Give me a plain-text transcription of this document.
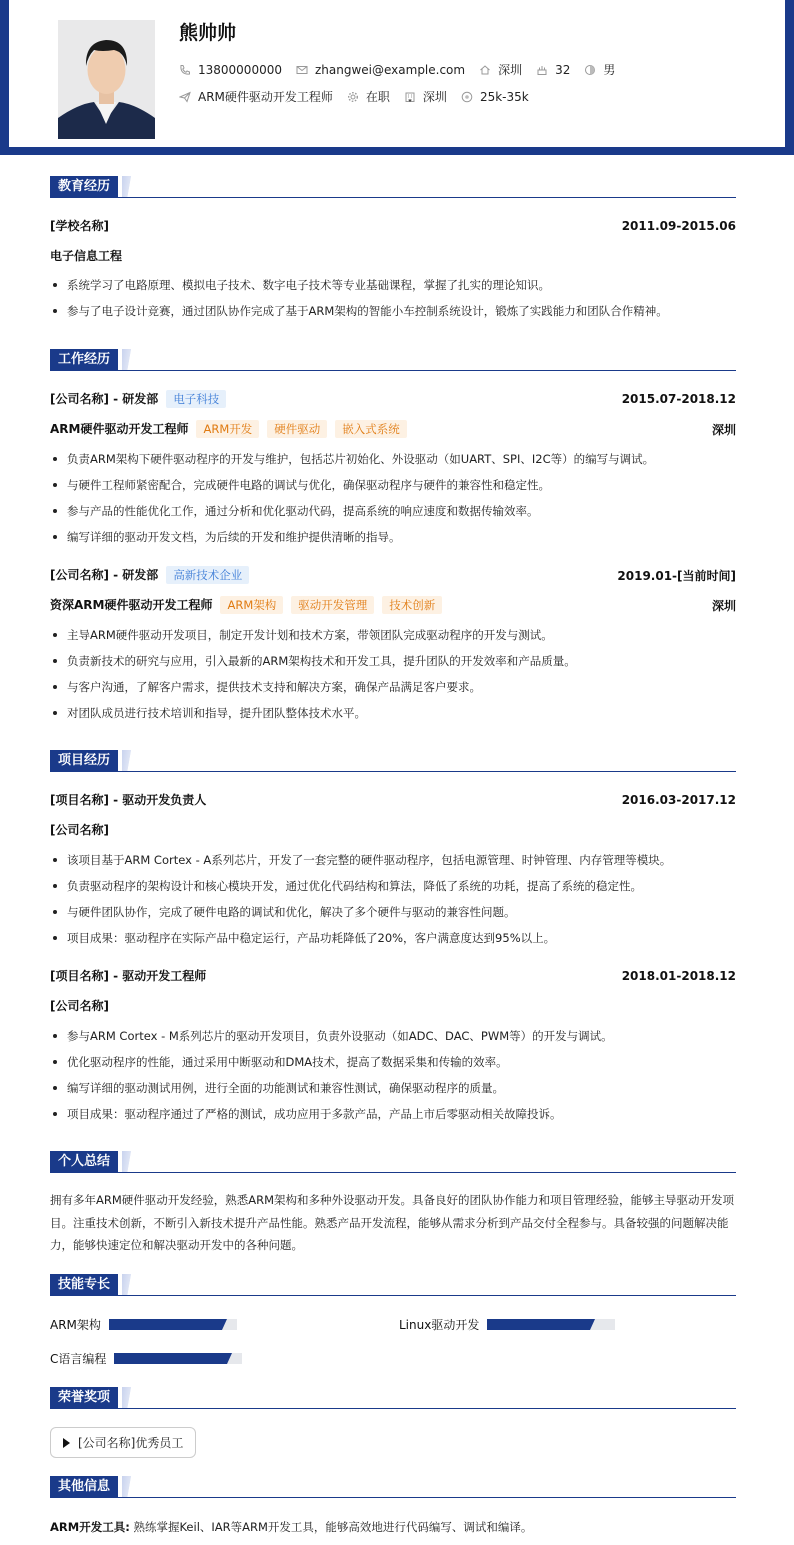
熊帅帅
13800000000	zhangwei@example.com	深圳	32	男
ARM硬件驱动开发工程师	在职	深圳	25k-35k
教育经历
[学校名称]	2011.09-2015.06
电子信息工程
系统学习了电路原理、模拟电子技术、数字电子技术等专业基础课程，掌握了扎实的理论知识。
参与了电子设计竞赛，通过团队协作完成了基于ARM架构的智能小车控制系统设计，锻炼了实践能力和团队合作精神。
工作经历
[公司名称] - 研发部 电子科技	2015.07-2018.12
ARM硬件驱动开发工程师 ARM开发 硬件驱动 嵌入式系统	深圳
负责ARM架构下硬件驱动程序的开发与维护，包括芯片初始化、外设驱动（如UART、SPI、I2C等）的编写与调试。
与硬件工程师紧密配合，完成硬件电路的调试与优化，确保驱动程序与硬件的兼容性和稳定性。
参与产品的性能优化工作，通过分析和优化驱动代码，提高系统的响应速度和数据传输效率。
编写详细的驱动开发文档，为后续的开发和维护提供清晰的指导。
[公司名称] - 研发部 高新技术企业	2019.01-[当前时间]
资深ARM硬件驱动开发工程师 ARM架构 驱动开发管理 技术创新	深圳
主导ARM硬件驱动开发项目，制定开发计划和技术方案，带领团队完成驱动程序的开发与测试。
负责新技术的研究与应用，引入最新的ARM架构技术和开发工具，提升团队的开发效率和产品质量。
与客户沟通，了解客户需求，提供技术支持和解决方案，确保产品满足客户要求。
对团队成员进行技术培训和指导，提升团队整体技术水平。
项目经历
[项目名称] - 驱动开发负责人	2016.03-2017.12
[公司名称]
该项目基于ARM Cortex - A系列芯片，开发了一套完整的硬件驱动程序，包括电源管理、时钟管理、内存管理等模块。
负责驱动程序的架构设计和核心模块开发，通过优化代码结构和算法，降低了系统的功耗，提高了系统的稳定性。
与硬件团队协作，完成了硬件电路的调试和优化，解决了多个硬件与驱动的兼容性问题。
项目成果：驱动程序在实际产品中稳定运行，产品功耗降低了20%，客户满意度达到95%以上。
[项目名称] - 驱动开发工程师	2018.01-2018.12
[公司名称]
参与ARM Cortex - M系列芯片的驱动开发项目，负责外设驱动（如ADC、DAC、PWM等）的开发与调试。
优化驱动程序的性能，通过采用中断驱动和DMA技术，提高了数据采集和传输的效率。
编写详细的驱动测试用例，进行全面的功能测试和兼容性测试，确保驱动程序的质量。
项目成果：驱动程序通过了严格的测试，成功应用于多款产品，产品上市后零驱动相关故障投诉。
个人总结
拥有多年ARM硬件驱动开发经验，熟悉ARM架构和多种外设驱动开发。具备良好的团队协作能力和项目管理经验，能够主导驱动开发项目。注重技术创新，不断引入新技术提升产品性能。熟悉产品开发流程，能够从需求分析到产品交付全程参与。具备较强的问题解决能力，能够快速定位和解决驱动开发中的各种问题。
技能专长
ARM架构	Linux驱动开发
C语言编程
荣誉奖项
[公司名称]优秀员工
其他信息
ARM开发工具: 熟练掌握Keil、IAR等ARM开发工具，能够高效地进行代码编写、调试和编译。
